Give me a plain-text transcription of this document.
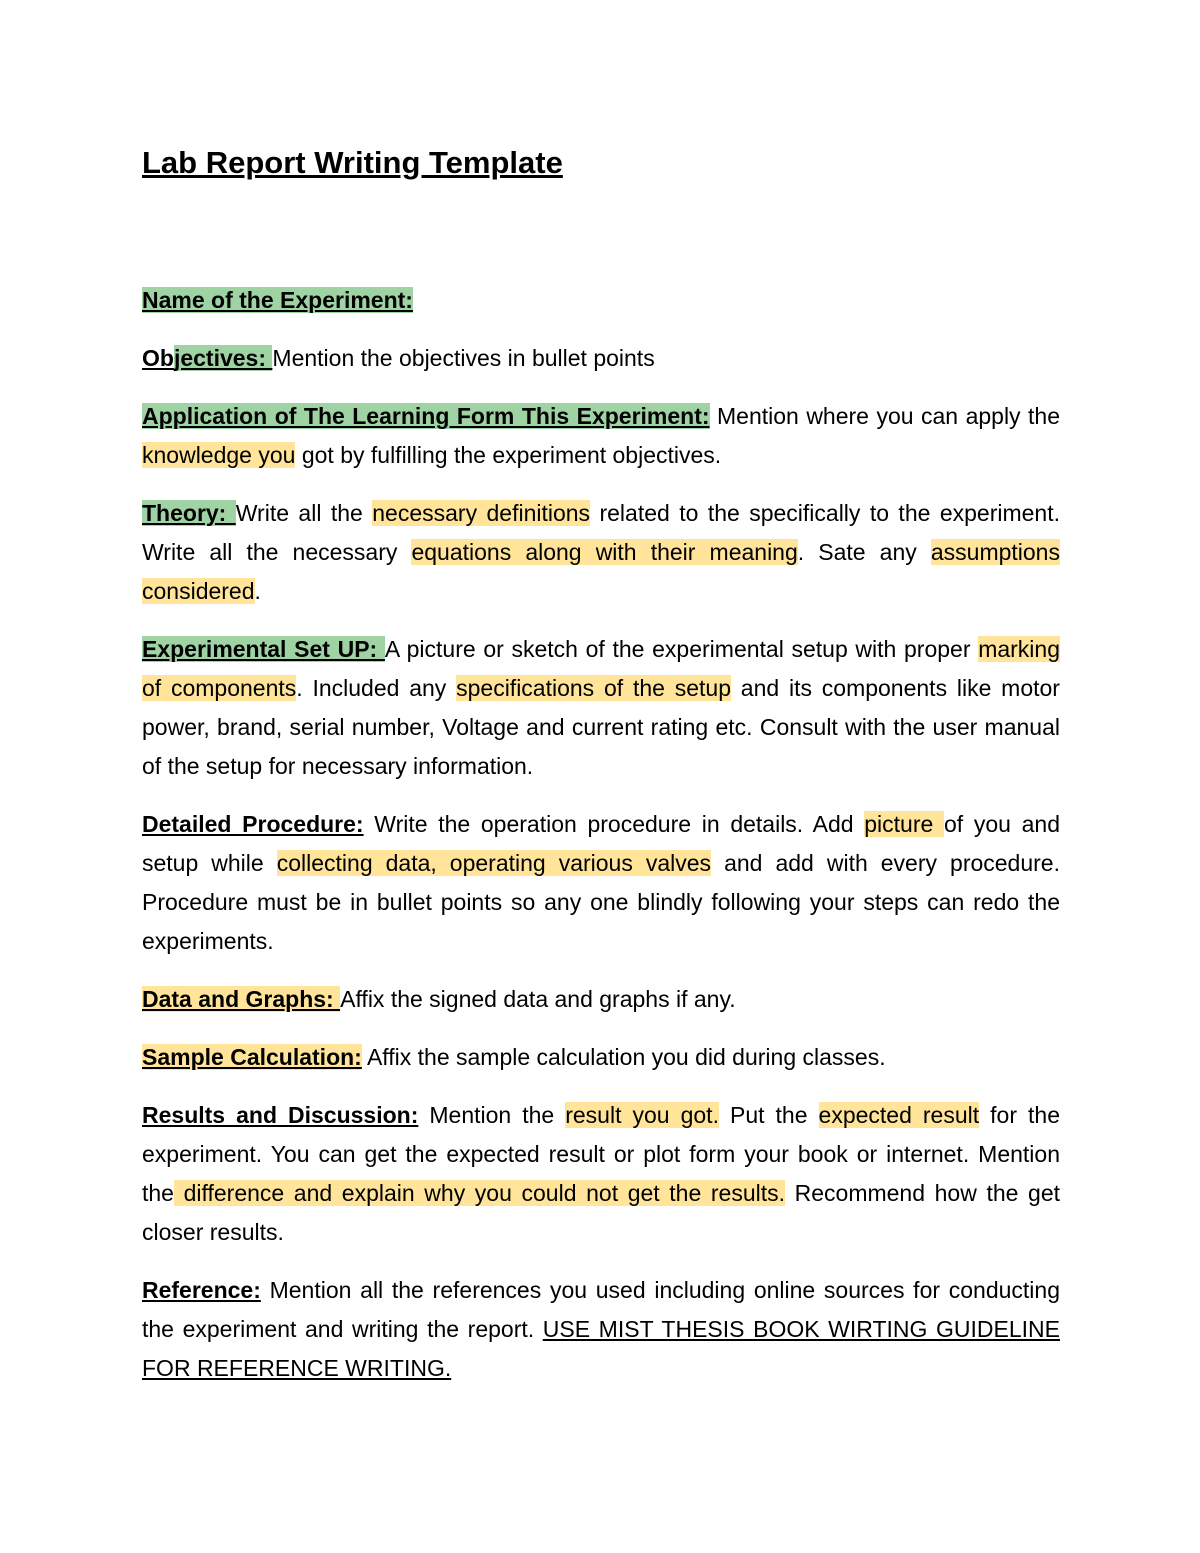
Lab Report Writing Template

Name of the Experiment:

Objectives: Mention the objectives in bullet points

Application of The Learning Form This Experiment: Mention where you can apply the knowledge you got by fulfilling the experiment objectives.

Theory: Write all the necessary definitions related to the specifically to the experiment. Write all the necessary equations along with their meaning. Sate any assumptions considered.

Experimental Set UP: A picture or sketch of the experimental setup with proper marking of components. Included any specifications of the setup and its components like motor power, brand, serial number, Voltage and current rating etc. Consult with the user manual of the setup for necessary information.

Detailed Procedure: Write the operation procedure in details. Add picture of you and setup while collecting data, operating various valves and add with every procedure. Procedure must be in bullet points so any one blindly following your steps can redo the experiments.

Data and Graphs: Affix the signed data and graphs if any.

Sample Calculation: Affix the sample calculation you did during classes.

Results and Discussion: Mention the result you got. Put the expected result for the experiment. You can get the expected result or plot form your book or internet. Mention the difference and explain why you could not get the results. Recommend how the get closer results.

Reference: Mention all the references you used including online sources for conducting the experiment and writing the report. USE MIST THESIS BOOK WIRTING GUIDELINE FOR REFERENCE WRITING.
